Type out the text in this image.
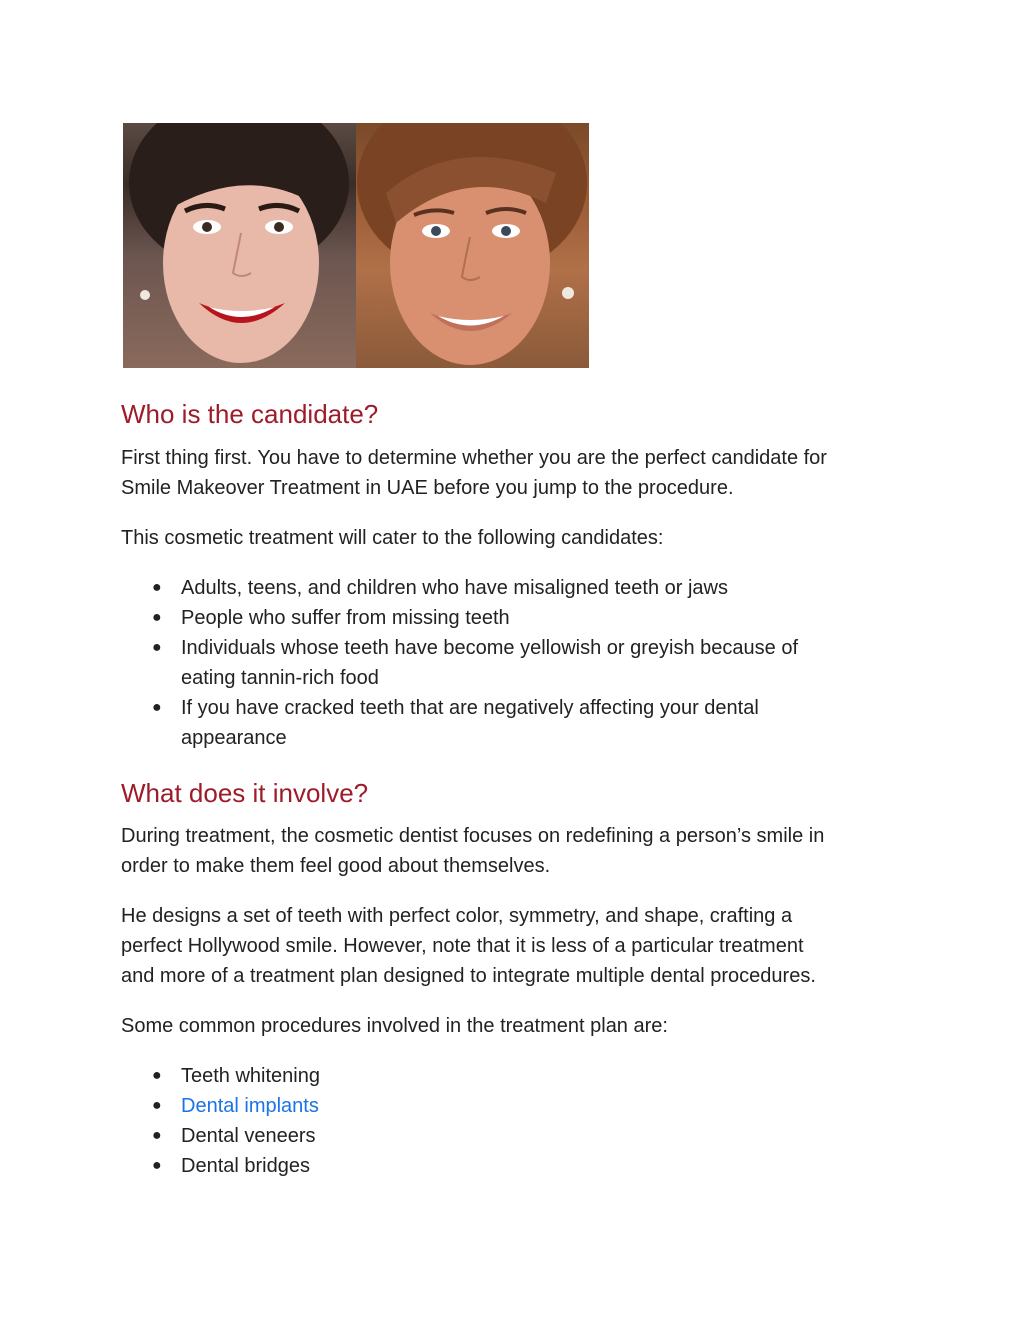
Who is the candidate?

First thing first. You have to determine whether you are the perfect candidate for
Smile Makeover Treatment in UAE before you jump to the procedure.

This cosmetic treatment will cater to the following candidates:

● Adults, teens, and children who have misaligned teeth or jaws
● People who suffer from missing teeth
● Individuals whose teeth have become yellowish or greyish because of
eating tannin-rich food
● If you have cracked teeth that are negatively affecting your dental
appearance
What does it involve?

During treatment, the cosmetic dentist focuses on redefining a person’s smile in
order to make them feel good about themselves.

He designs a set of teeth with perfect color, symmetry, and shape, crafting a
perfect Hollywood smile. However, note that it is less of a particular treatment
and more of a treatment plan designed to integrate multiple dental procedures.

Some common procedures involved in the treatment plan are:

● Teeth whitening
● Dental implants
● Dental veneers
● Dental bridges
